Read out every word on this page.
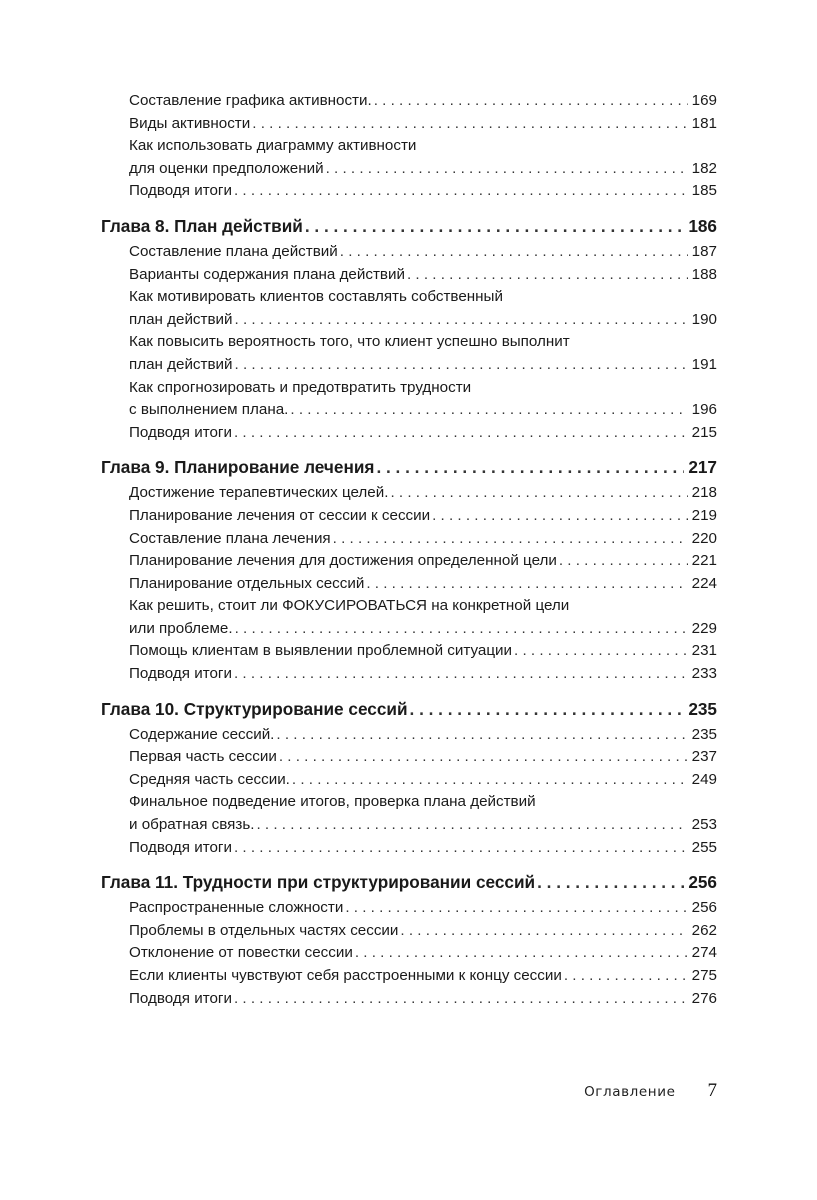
Составление графика активности. . . .	169
Виды активности . . .	181
Как использовать диаграмму активности
для оценки предположений . . .	182
Подводя итоги . . .	185
Глава 8. План действий . . .	186
Составление плана действий . . .	187
Варианты содержания плана действий . . .	188
Как мотивировать клиентов составлять собственный
план действий . . .	190
Как повысить вероятность того, что клиент успешно выполнит
план действий . . .	191
Как спрогнозировать и предотвратить трудности
с выполнением плана. . . .	196
Подводя итоги . . .	215
Глава 9. Планирование лечения . . .	217
Достижение терапевтических целей. . . .	218
Планирование лечения от сессии к сессии . . .	219
Составление плана лечения . . .	220
Планирование лечения для достижения определенной цели . . .	221
Планирование отдельных сессий . . .	224
Как решить, стоит ли ФОКУСИРОВАТЬСЯ на конкретной цели
или проблеме. . . .	229
Помощь клиентам в выявлении проблемной ситуации . . .	231
Подводя итоги . . .	233
Глава 10. Структурирование сессий . . .	235
Содержание сессий. . . .	235
Первая часть сессии . . .	237
Средняя часть сессии. . . .	249
Финальное подведение итогов, проверка плана действий
и обратная связь. . . .	253
Подводя итоги . . .	255
Глава 11. Трудности при структурировании сессий . . .	256
Распространенные сложности . . .	256
Проблемы в отдельных частях сессии . . .	262
Отклонение от повестки сессии . . .	274
Если клиенты чувствуют себя расстроенными к концу сессии . . .	275
Подводя итоги . . .	276
Оглавление 7
